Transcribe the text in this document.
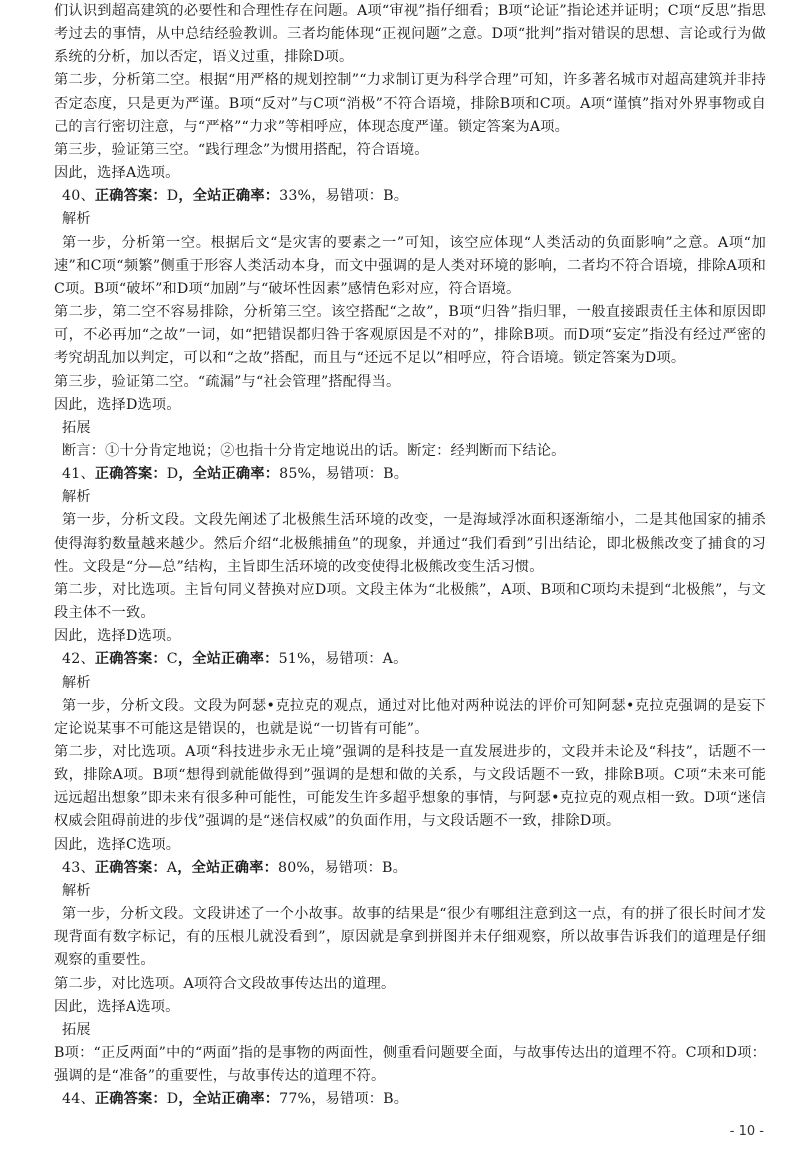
们认识到超高建筑的必要性和合理性存在问题。A项“审视”指仔细看；B项“论证”指论述并证明；C项“反思”指思考过去的事情，从中总结经验教训。三者均能体现“正视问题”之意。D项“批判”指对错误的思想、言论或行为做系统的分析，加以否定，语义过重，排除D项。

第二步，分析第二空。根据“用严格的规划控制”“力求制订更为科学合理”可知，许多著名城市对超高建筑并非持否定态度，只是更为严谨。B项“反对”与C项“消极”不符合语境，排除B项和C项。A项“谨慎”指对外界事物或自己的言行密切注意，与“严格”“力求”等相呼应，体现态度严谨。锁定答案为A项。

第三步，验证第三空。“践行理念”为惯用搭配，符合语境。

因此，选择A选项。

40、正确答案：D，全站正确率：33%，易错项：B。

解析

第一步，分析第一空。根据后文“是灾害的要素之一”可知，该空应体现“人类活动的负面影响”之意。A项“加速”和C项“频繁”侧重于形容人类活动本身，而文中强调的是人类对环境的影响，二者均不符合语境，排除A项和C项。B项“破坏”和D项“加剧”与“破坏性因素”感情色彩对应，符合语境。

第二步，第二空不容易排除，分析第三空。该空搭配“之故”，B项“归咎”指归罪，一般直接跟责任主体和原因即可，不必再加“之故”一词，如“把错误都归咎于客观原因是不对的”，排除B项。而D项“妄定”指没有经过严密的考究胡乱加以判定，可以和“之故”搭配，而且与“还远不足以”相呼应，符合语境。锁定答案为D项。

第三步，验证第二空。“疏漏”与“社会管理”搭配得当。

因此，选择D选项。

拓展

断言：①十分肯定地说；②也指十分肯定地说出的话。断定：经判断而下结论。

41、正确答案：D，全站正确率：85%，易错项：B。

解析

第一步，分析文段。文段先阐述了北极熊生活环境的改变，一是海域浮冰面积逐渐缩小，二是其他国家的捕杀使得海豹数量越来越少。然后介绍“北极熊捕鱼”的现象，并通过“我们看到”引出结论，即北极熊改变了捕食的习性。文段是“分—总”结构，主旨即生活环境的改变使得北极熊改变生活习惯。

第二步，对比选项。主旨句同义替换对应D项。文段主体为“北极熊”，A项、B项和C项均未提到“北极熊”，与文段主体不一致。

因此，选择D选项。

42、正确答案：C，全站正确率：51%，易错项：A。

解析

第一步，分析文段。文段为阿瑟•克拉克的观点，通过对比他对两种说法的评价可知阿瑟•克拉克强调的是妄下定论说某事不可能这是错误的，也就是说“一切皆有可能”。

第二步，对比选项。A项“科技进步永无止境”强调的是科技是一直发展进步的，文段并未论及“科技”，话题不一致，排除A项。B项“想得到就能做得到”强调的是想和做的关系，与文段话题不一致，排除B项。C项“未来可能远远超出想象”即未来有很多种可能性，可能发生许多超乎想象的事情，与阿瑟•克拉克的观点相一致。D项“迷信权威会阻碍前进的步伐”强调的是“迷信权威”的负面作用，与文段话题不一致，排除D项。

因此，选择C选项。

43、正确答案：A，全站正确率：80%，易错项：B。

解析

第一步，分析文段。文段讲述了一个小故事。故事的结果是“很少有哪组注意到这一点，有的拼了很长时间才发现背面有数字标记，有的压根儿就没看到”，原因就是拿到拼图并未仔细观察，所以故事告诉我们的道理是仔细观察的重要性。

第二步，对比选项。A项符合文段故事传达出的道理。

因此，选择A选项。

拓展

B项：“正反两面”中的“两面”指的是事物的两面性，侧重看问题要全面，与故事传达出的道理不符。C项和D项：强调的是“准备”的重要性，与故事传达的道理不符。

44、正确答案：D，全站正确率：77%，易错项：B。

- 10 -
